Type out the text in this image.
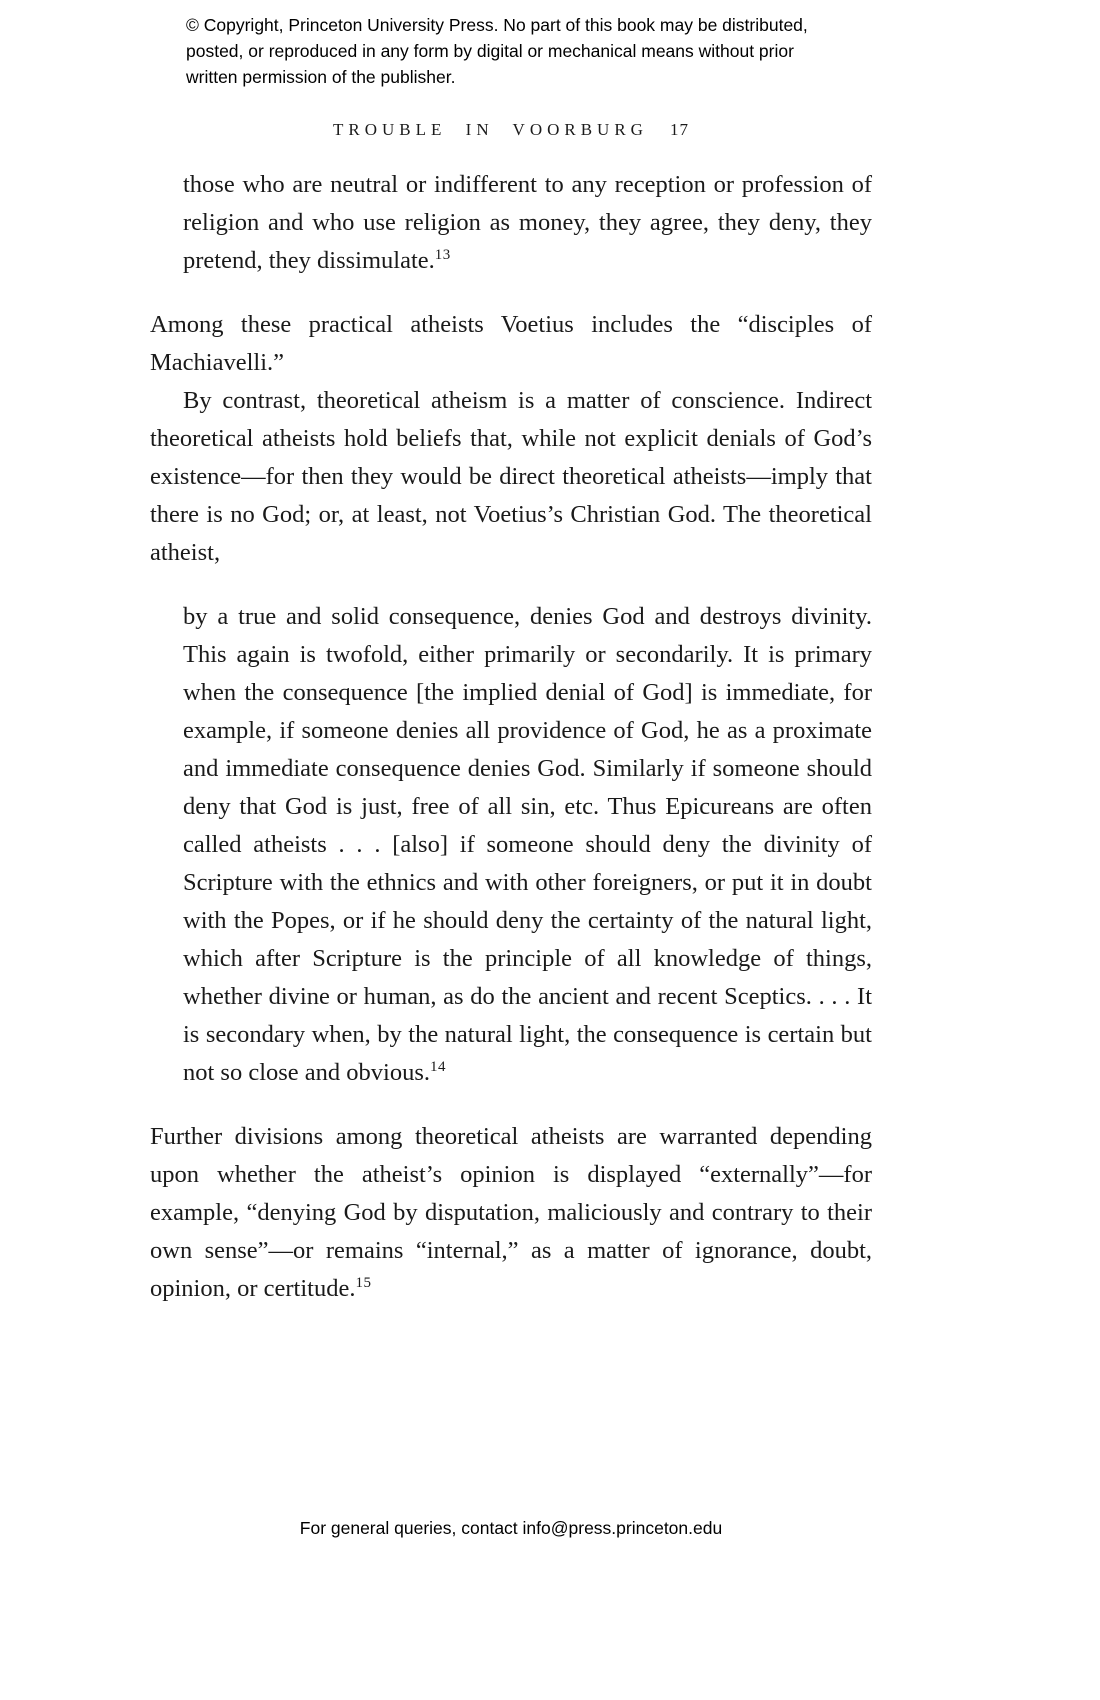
© Copyright, Princeton University Press. No part of this book may be distributed, posted, or reproduced in any form by digital or mechanical means without prior written permission of the publisher.
TROUBLE IN VOORBURG 17
those who are neutral or indifferent to any reception or profession of religion and who use religion as money, they agree, they deny, they pretend, they dissimulate.$^{13}$

Among these practical atheists Voetius includes the “disciples of Machiavelli.”

By contrast, theoretical atheism is a matter of conscience. Indirect theoretical atheists hold beliefs that, while not explicit denials of God’s existence—for then they would be direct theoretical atheists—imply that there is no God; or, at least, not Voetius’s Christian God. The theoretical atheist,

by a true and solid consequence, denies God and destroys divinity. This again is twofold, either primarily or secondarily. It is primary when the consequence [the implied denial of God] is immediate, for example, if someone denies all providence of God, he as a proximate and immediate consequence denies God. Similarly if someone should deny that God is just, free of all sin, etc. Thus Epicureans are often called atheists . . . [also] if someone should deny the divinity of Scripture with the ethnics and with other foreigners, or put it in doubt with the Popes, or if he should deny the certainty of the natural light, which after Scripture is the principle of all knowledge of things, whether divine or human, as do the ancient and recent Sceptics. . . . It is secondary when, by the natural light, the consequence is certain but not so close and obvious.$^{14}$

Further divisions among theoretical atheists are warranted depending upon whether the atheist’s opinion is displayed “externally”—for example, “denying God by disputation, maliciously and contrary to their own sense”—or remains “internal,” as a matter of ignorance, doubt, opinion, or certitude.$^{15}$

For general queries, contact info@press.princeton.edu
